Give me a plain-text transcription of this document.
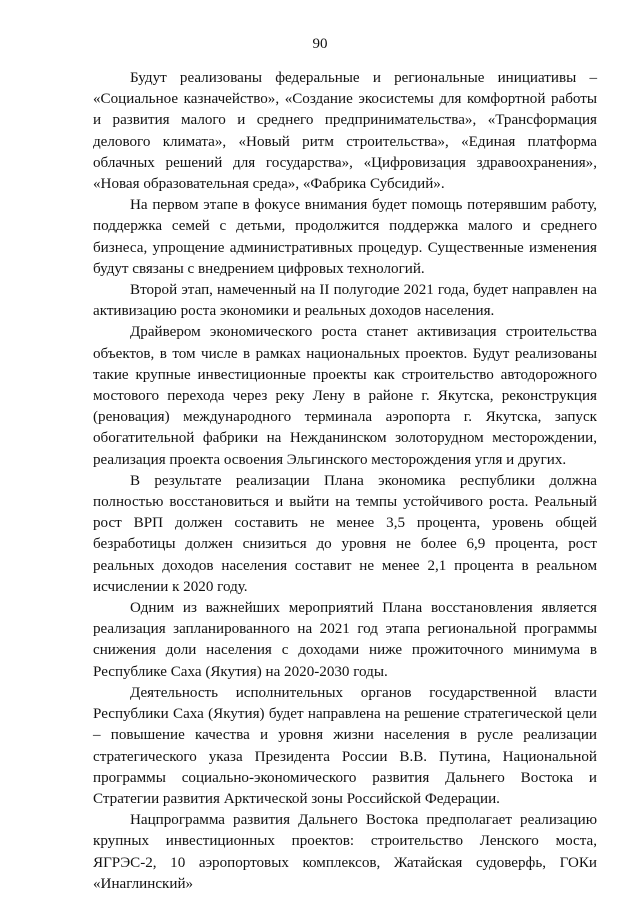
90

Будут реализованы федеральные и региональные инициативы – «Социальное казначейство», «Создание экосистемы для комфортной работы и развития малого и среднего предпринимательства», «Трансформация делового климата», «Новый ритм строительства», «Единая платформа облачных решений для государства», «Цифровизация здравоохранения», «Новая образовательная среда», «Фабрика Субсидий».

На первом этапе в фокусе внимания будет помощь потерявшим работу, поддержка семей с детьми, продолжится поддержка малого и среднего бизнеса, упрощение административных процедур. Существенные изменения будут связаны с внедрением цифровых технологий.

Второй этап, намеченный на II полугодие 2021 года, будет направлен на активизацию роста экономики и реальных доходов населения.

Драйвером экономического роста станет активизация строительства объектов, в том числе в рамках национальных проектов. Будут реализованы такие крупные инвестиционные проекты как строительство автодорожного мостового перехода через реку Лену в районе г. Якутска, реконструкция (реновация) международного терминала аэропорта г. Якутска, запуск обогатительной фабрики на Нежданинском золоторудном месторождении, реализация проекта освоения Эльгинского месторождения угля и других.

В результате реализации Плана экономика республики должна полностью восстановиться и выйти на темпы устойчивого роста. Реальный рост ВРП должен составить не менее 3,5 процента, уровень общей безработицы должен снизиться до уровня не более 6,9 процента, рост реальных доходов населения составит не менее 2,1 процента в реальном исчислении к 2020 году.

Одним из важнейших мероприятий Плана восстановления является реализация запланированного на 2021 год этапа региональной программы снижения доли населения с доходами ниже прожиточного минимума в Республике Саха (Якутия) на 2020-2030 годы.

Деятельность исполнительных органов государственной власти Республики Саха (Якутия) будет направлена на решение стратегической цели – повышение качества и уровня жизни населения в русле реализации стратегического указа Президента России В.В. Путина, Национальной программы социально-экономического развития Дальнего Востока и Стратегии развития Арктической зоны Российской Федерации.

Нацпрограмма развития Дальнего Востока предполагает реализацию крупных инвестиционных проектов: строительство Ленского моста, ЯГРЭС-2, 10 аэропортовых комплексов, Жатайская судоверфь, ГОКи «Инаглинский»
